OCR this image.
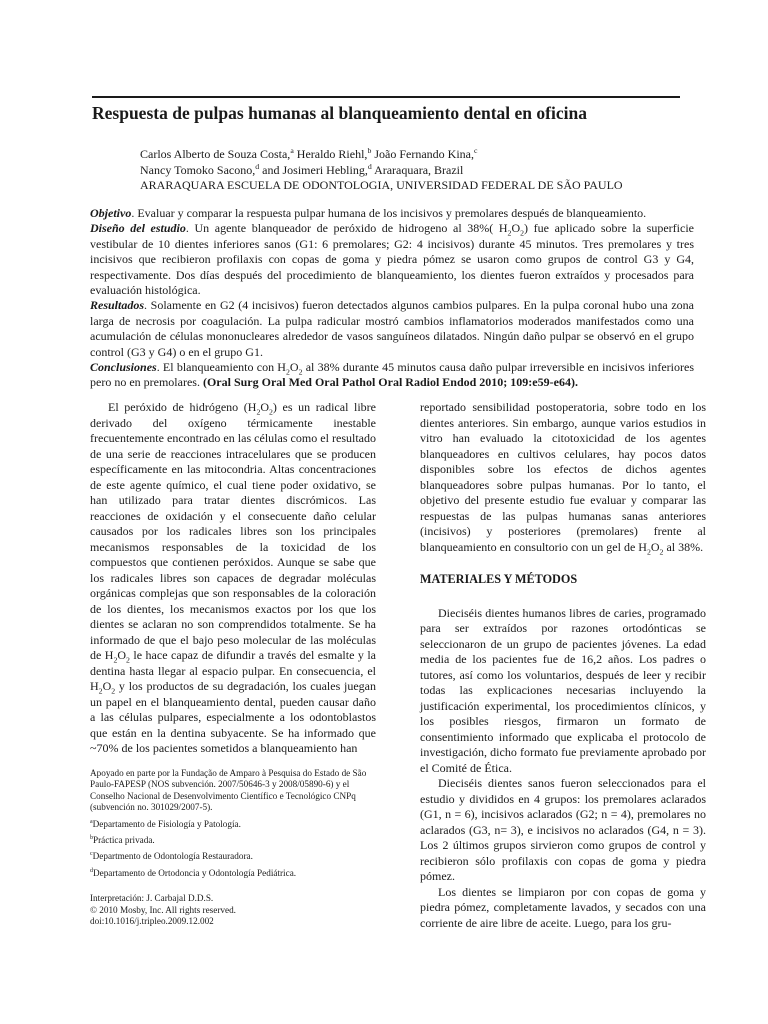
Respuesta de pulpas humanas al blanqueamiento dental en oficina
Carlos Alberto de Souza Costa,$^a$ Heraldo Riehl,$^b$ João Fernando Kina,$^c$
Nancy Tomoko Sacono,$^d$ and Josimeri Hebling,$^d$ Araraquara, Brazil
ARARAQUARA ESCUELA DE ODONTOLOGIA, UNIVERSIDAD FEDERAL DE SÃO PAULO

Objetivo. Evaluar y comparar la respuesta pulpar humana de los incisivos y premolares después de blanqueamiento.

Diseño del estudio. Un agente blanqueador de peróxido de hidrogeno al 38%( $H_2O_2$) fue aplicado sobre la superficie vestibular de 10 dientes inferiores sanos (G1: 6 premolares; G2: 4 incisivos) durante 45 minutos. Tres premolares y tres incisivos que recibieron profilaxis con copas de goma y piedra pómez se usaron como grupos de control G3 y G4, respectivamente. Dos días después del procedimiento de blanqueamiento, los dientes fueron extraídos y procesados para evaluación histológica.

Resultados. Solamente en G2 (4 incisivos) fueron detectados algunos cambios pulpares. En la pulpa coronal hubo una zona larga de necrosis por coagulación. La pulpa radicular mostró cambios inflamatorios moderados manifestados como una acumulación de células mononucleares alrededor de vasos sanguíneos dilatados. Ningún daño pulpar se observó en el grupo control (G3 y G4) o en el grupo G1.

Conclusiones. El blanqueamiento con $H_2O_2$ al 38% durante 45 minutos causa daño pulpar irreversible en incisivos inferiores pero no en premolares. (Oral Surg Oral Med Oral Pathol Oral Radiol Endod 2010; 109:e59-e64).

El peróxido de hidrógeno $(H_2O_2)$ es un radical libre derivado del oxígeno térmicamente inestable frecuentemente encontrado en las células como el resultado de una serie de reacciones intracelulares que se producen específicamente en las mitocondria. Altas concentraciones de este agente químico, el cual tiene poder oxidativo, se han utilizado para tratar dientes discrómicos. Las reacciones de oxidación y el consecuente daño celular causados por los radicales libres son los principales mecanismos responsables de la toxicidad de los compuestos que contienen peróxidos. Aunque se sabe que los radicales libres son capaces de degradar moléculas orgánicas complejas que son responsables de la coloración de los dientes, los mecanismos exactos por los que los dientes se aclaran no son comprendidos totalmente. Se ha informado de que el bajo peso molecular de las moléculas de $H_2O_2$ le hace capaz de difundir a través del esmalte y la dentina hasta llegar al espacio pulpar. En consecuencia, el $H_2O_2$ y los productos de su degradación, los cuales juegan un papel en el blanqueamiento dental, pueden causar daño a las células pulpares, especialmente a los odontoblastos que están en la dentina subyacente. Se ha informado que ~70% de los pacientes sometidos a blanqueamiento han

Apoyado en parte por la Fundação de Amparo à Pesquisa do Estado de São Paulo-FAPESP (NOS subvención. 2007/50646-3 y 2008/05890-6) y el Conselho Nacional de Desenvolvimento Científico e Tecnológico CNPq (subvención no. 301029/2007-5).

$^a$Departamento de Fisiología y Patología.

$^b$Práctica privada.

$^c$Departmento de Odontología Restauradora.

$^d$Departamento de Ortodoncia y Odontología Pediátrica.

Interpretación: J. Carbajal D.D.S.

© 2010 Mosby, Inc. All rights reserved.

doi:10.1016/j.tripleo.2009.12.002

reportado sensibilidad postoperatoria, sobre todo en los dientes anteriores. Sin embargo, aunque varios estudios in vitro han evaluado la citotoxicidad de los agentes blanqueadores en cultivos celulares, hay pocos datos disponibles sobre los efectos de dichos agentes blanqueadores sobre pulpas humanas. Por lo tanto, el objetivo del presente estudio fue evaluar y comparar las respuestas de las pulpas humanas sanas anteriores (incisivos) y posteriores (premolares) frente al blanqueamiento en consultorio con un gel de $H_2O_2$ al 38%.

MATERIALES Y MÉTODOS

Dieciséis dientes humanos libres de caries, programado para ser extraídos por razones ortodónticas se seleccionaron de un grupo de pacientes jóvenes. La edad media de los pacientes fue de 16,2 años. Los padres o tutores, así como los voluntarios, después de leer y recibir todas las explicaciones necesarias incluyendo la justificación experimental, los procedimientos clínicos, y los posibles riesgos, firmaron un formato de consentimiento informado que explicaba el protocolo de investigación, dicho formato fue previamente aprobado por el Comité de Ética.

Dieciséis dientes sanos fueron seleccionados para el estudio y divididos en 4 grupos: los premolares aclarados (G1, n = 6), incisivos aclarados (G2; n = 4), premolares no aclarados (G3, n= 3), e incisivos no aclarados (G4, n = 3). Los 2 últimos grupos sirvieron como grupos de control y recibieron sólo profilaxis con copas de goma y piedra pómez.

Los dientes se limpiaron por con copas de goma y piedra pómez, completamente lavados, y secados con una corriente de aire libre de aceite. Luego, para los gru-
